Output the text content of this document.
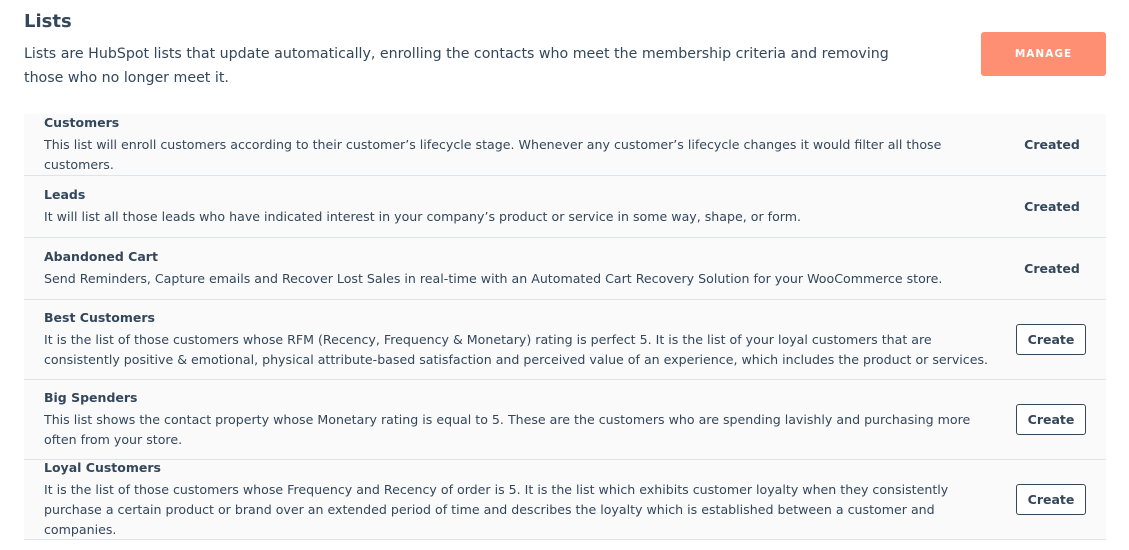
Lists
Lists are HubSpot lists that update automatically, enrolling the contacts who meet the membership criteria and removing those who no longer meet it.
MANAGE
Customers
This list will enroll customers according to their customer’s lifecycle stage. Whenever any customer’s lifecycle changes it would filter all those customers.
Created
Leads
It will list all those leads who have indicated interest in your company’s product or service in some way, shape, or form.
Created
Abandoned Cart
Send Reminders, Capture emails and Recover Lost Sales in real-time with an Automated Cart Recovery Solution for your WooCommerce store.
Created
Best Customers
It is the list of those customers whose RFM (Recency, Frequency & Monetary) rating is perfect 5. It is the list of your loyal customers that are consistently positive & emotional, physical attribute-based satisfaction and perceived value of an experience, which includes the product or services.
Create
Big Spenders
This list shows the contact property whose Monetary rating is equal to 5. These are the customers who are spending lavishly and purchasing more often from your store.
Create
Loyal Customers
It is the list of those customers whose Frequency and Recency of order is 5. It is the list which exhibits customer loyalty when they consistently purchase a certain product or brand over an extended period of time and describes the loyalty which is established between a customer and companies.
Create
